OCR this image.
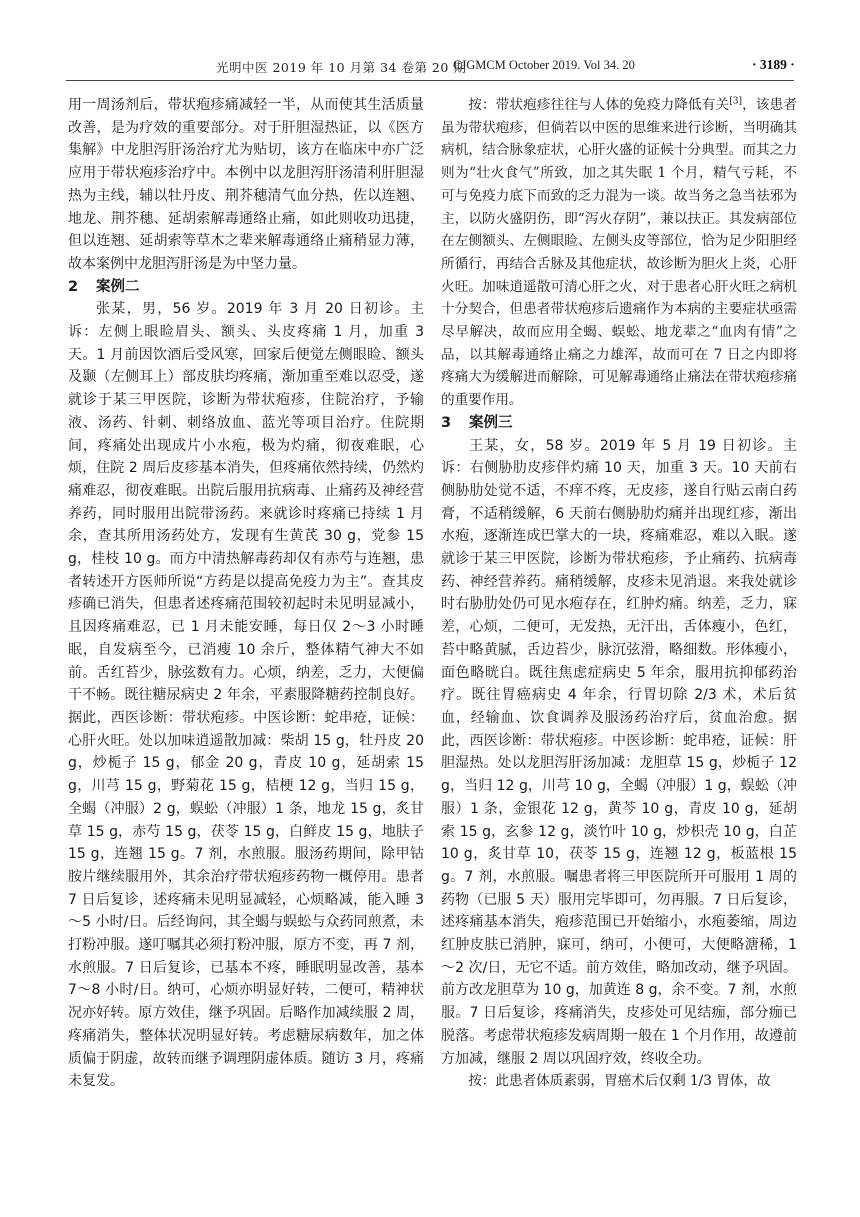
光明中医 2019 年 10 月第 34 卷第 20 期
CJGMCM October 2019. Vol 34. 20	· 3189 ·

用一周汤剂后，带状疱疹痛减轻一半，从而使其生活质量改善，是为疗效的重要部分。对于肝胆湿热证，以《医方集解》中龙胆泻肝汤治疗尤为贴切，该方在临床中亦广泛应用于带状疱疹治疗中。本例中以龙胆泻肝汤清利肝胆湿热为主线，辅以牡丹皮、荆芥穗清气血分热，佐以连翘、地龙、荆芥穗、延胡索解毒通络止痛，如此则收功迅捷，但以连翘、延胡索等草木之辈来解毒通络止痛稍显力薄，故本案例中龙胆泻肝汤是为中坚力量。

2 案例二

张某，男，56 岁。2019 年 3 月 20 日初诊。主诉：左侧上眼睑眉头、额头、头皮疼痛 1 月，加重 3 天。1 月前因饮酒后受风寒，回家后便觉左侧眼睑、额头及颞（左侧耳上）部皮肤均疼痛，渐加重至难以忍受，遂就诊于某三甲医院，诊断为带状疱疹，住院治疗，予输液、汤药、针刺、刺络放血、蓝光等项目治疗。住院期间，疼痛处出现成片小水疱，极为灼痛，彻夜难眠，心烦，住院 2 周后皮疹基本消失，但疼痛依然持续，仍然灼痛难忍，彻夜难眠。出院后服用抗病毒、止痛药及神经营养药，同时服用出院带汤药。来就诊时疼痛已持续 1 月余，查其所用汤药处方，发现有生黄芪 30 g，党参 15 g，桂枝 10 g。而方中清热解毒药却仅有赤芍与连翘，患者转述开方医师所说“方药是以提高免疫力为主”。查其皮疹确已消失，但患者述疼痛范围较初起时未见明显减小，且因疼痛难忍，已 1 月未能安睡，每日仅 2～3 小时睡眠，自发病至今，已消瘦 10 余斤，整体精气神大不如前。舌红苔少，脉弦数有力。心烦，纳差，乏力，大便偏干不畅。既往糖尿病史 2 年余，平素服降糖药控制良好。据此，西医诊断：带状疱疹。中医诊断：蛇串疮，证候：心肝火旺。处以加味逍遥散加减：柴胡 15 g，牡丹皮 20 g，炒栀子 15 g，郁金 20 g，青皮 10 g，延胡索 15 g，川芎 15 g，野菊花 15 g，桔梗 12 g，当归 15 g，全蝎（冲服）2 g，蜈蚣（冲服）1 条，地龙 15 g，炙甘草 15 g，赤芍 15 g，茯苓 15 g，白鲜皮 15 g，地肤子 15 g，连翘 15 g。7 剂，水煎服。服汤药期间，除甲钴胺片继续服用外，其余治疗带状疱疹药物一概停用。患者 7 日后复诊，述疼痛未见明显减轻，心烦略减，能入睡 3～5 小时/日。后经询问，其全蝎与蜈蚣与众药同煎煮，未打粉冲服。遂叮嘱其必须打粉冲服，原方不变，再 7 剂，水煎服。7 日后复诊，已基本不疼，睡眠明显改善，基本 7～8 小时/日。纳可，心烦亦明显好转，二便可，精神状况亦好转。原方效佳，继予巩固。后略作加减续服 2 周，疼痛消失，整体状况明显好转。考虑糖尿病数年，加之体质偏于阴虚，故转而继予调理阴虚体质。随访 3 月，疼痛未复发。

按：带状疱疹往往与人体的免疫力降低有关[3]，该患者虽为带状疱疹，但倘若以中医的思维来进行诊断，当明确其病机，结合脉象症状，心肝火盛的证候十分典型。而其之力则为“壮火食气”所致，加之其失眠 1 个月，精气亏耗，不可与免疫力底下而致的乏力混为一谈。故当务之急当祛邪为主，以防火盛阴伤，即“泻火存阴”，兼以扶正。其发病部位在左侧额头、左侧眼睑、左侧头皮等部位，恰为足少阳胆经所循行，再结合舌脉及其他症状，故诊断为胆火上炎，心肝火旺。加味逍遥散可清心肝之火，对于患者心肝火旺之病机十分契合，但患者带状疱疹后遗痛作为本病的主要症状亟需尽早解决，故而应用全蝎、蜈蚣、地龙辈之“血肉有情”之品，以其解毒通络止痛之力雄浑，故而可在 7 日之内即将疼痛大为缓解进而解除，可见解毒通络止痛法在带状疱疹痛的重要作用。

3 案例三

王某，女，58 岁。2019 年 5 月 19 日初诊。主诉：右侧胁肋皮疹伴灼痛 10 天，加重 3 天。10 天前右侧胁肋处觉不适，不痒不疼，无皮疹，遂自行贴云南白药膏，不适稍缓解，6 天前右侧胁肋灼痛并出现红疹，渐出水疱，逐渐连成巴掌大的一块，疼痛难忍，难以入眠。遂就诊于某三甲医院，诊断为带状疱疹，予止痛药、抗病毒药、神经营养药。痛稍缓解，皮疹未见消退。来我处就诊时右胁肋处仍可见水疱存在，红肿灼痛。纳差，乏力，寐差，心烦，二便可，无发热，无汗出，舌体瘦小，色红，苔中略黄腻，舌边苔少，脉沉弦滑，略细数。形体瘦小，面色略晄白。既往焦虑症病史 5 年余，服用抗抑郁药治疗。既往胃癌病史 4 年余，行胃切除 2/3 术，术后贫血，经输血、饮食调养及服汤药治疗后，贫血治愈。据此，西医诊断：带状疱疹。中医诊断：蛇串疮，证候：肝胆湿热。处以龙胆泻肝汤加减：龙胆草 15 g，炒栀子 12 g，当归 12 g，川芎 10 g，全蝎（冲服）1 g，蜈蚣（冲服）1 条，金银花 12 g，黄芩 10 g，青皮 10 g，延胡索 15 g，玄参 12 g，淡竹叶 10 g，炒枳壳 10 g，白芷 10 g，炙甘草 10，茯苓 15 g，连翘 12 g，板蓝根 15 g。7 剂，水煎服。嘱患者将三甲医院所开可服用 1 周的药物（已服 5 天）服用完毕即可，勿再服。7 日后复诊，述疼痛基本消失，疱疹范围已开始缩小，水疱萎缩，周边红肿皮肤已消肿，寐可，纳可，小便可，大便略溏稀，1～2 次/日，无它不适。前方效佳，略加改动，继予巩固。前方改龙胆草为 10 g，加黄连 8 g，余不变。7 剂，水煎服。7 日后复诊，疼痛消失，皮疹处可见结痂，部分痂已脱落。考虑带状疱疹发病周期一般在 1 个月作用，故遵前方加减，继服 2 周以巩固疗效，终收全功。

按：此患者体质素弱，胃癌术后仅剩 1/3 胃体，故
